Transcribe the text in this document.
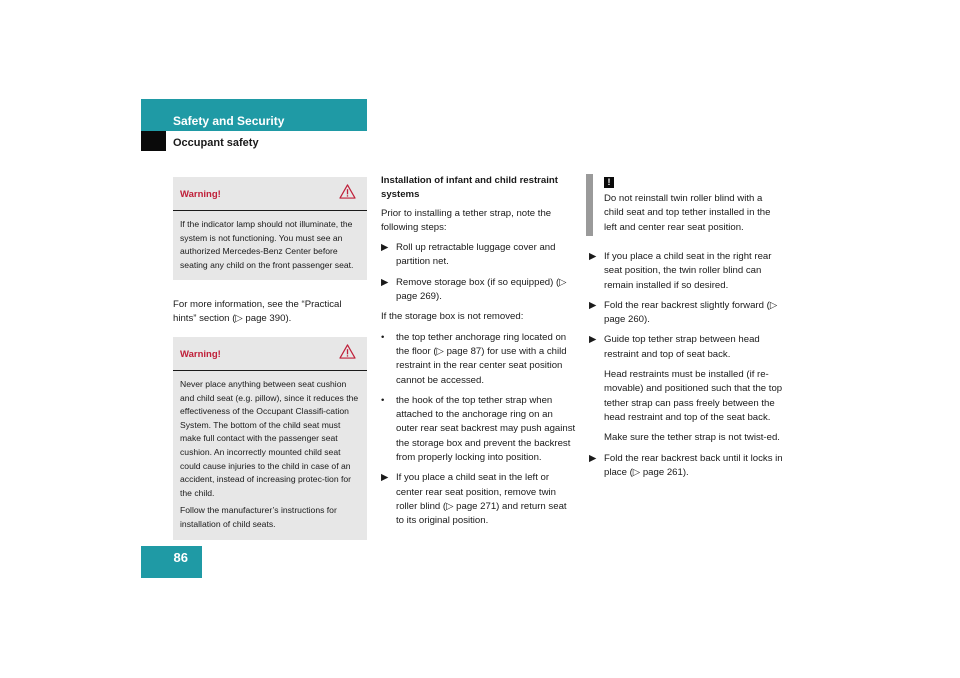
Safety and Security
Occupant safety
Warning!

If the indicator lamp should not illuminate, the system is not functioning. You must see an authorized Mercedes-Benz Center before seating any child on the front passenger seat.

For more information, see the “Practical hints” section (▷ page 390).

Warning!

Never place anything between seat cushion and child seat (e.g. pillow), since it reduces the effectiveness of the Occupant Classifi-cation System. The bottom of the child seat must make full contact with the passenger seat cushion. An incorrectly mounted child seat could cause injuries to the child in case of an accident, instead of increasing protec-tion for the child.

Follow the manufacturer’s instructions for installation of child seats.

Installation of infant and child restraint systems

Prior to installing a tether strap, note the following steps:

▶ Roll up retractable luggage cover and partition net.
▶ Remove storage box (if so equipped) (▷ page 269).

If the storage box is not removed:

• the top tether anchorage ring located on the floor (▷ page 87) for use with a child restraint in the rear center seat position cannot be accessed.
• the hook of the top tether strap when attached to the anchorage ring on an outer rear seat backrest may push against the storage box and prevent the backrest from properly locking into position.
▶ If you place a child seat in the left or center rear seat position, remove twin roller blind (▷ page 271) and return seat to its original position.
!
Do not reinstall twin roller blind with a child seat and top tether installed in the left and center rear seat position.
▶ If you place a child seat in the right rear seat position, the twin roller blind can remain installed if so desired.
▶ Fold the rear backrest slightly forward (▷ page 260).
▶ Guide top tether strap between head restraint and top of seat back.

Head restraints must be installed (if re-movable) and positioned such that the top tether strap can pass freely between the head restraint and top of the seat back.

Make sure the tether strap is not twist-ed.

▶ Fold the rear backrest back until it locks in place (▷ page 261).
86
